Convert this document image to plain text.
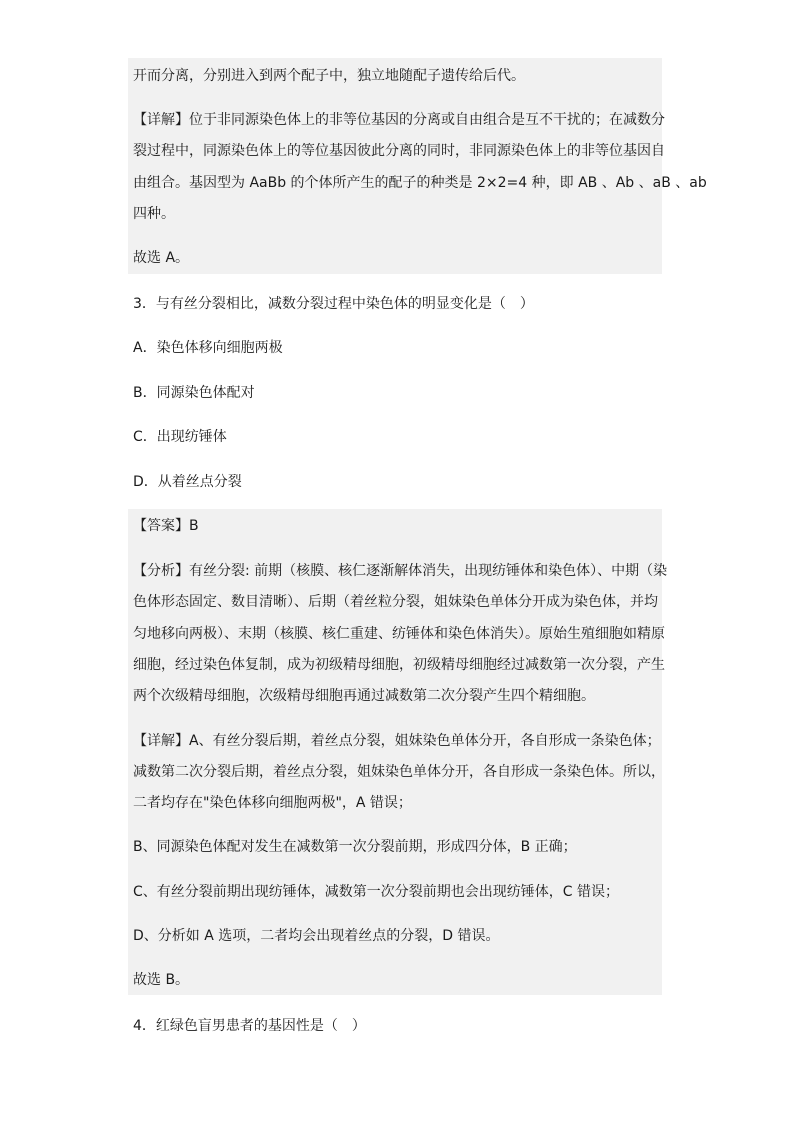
开而分离，分别进入到两个配子中，独立地随配子遗传给后代。
【详解】位于非同源染色体上的非等位基因的分离或自由组合是互不干扰的；在减数分
裂过程中，同源染色体上的等位基因彼此分离的同时，非同源染色体上的非等位基因自
由组合。基因型为 AaBb 的个体所产生的配子的种类是 2×2=4 种，即 AB 、Ab 、aB 、ab
四种。
故选 A。
3．与有丝分裂相比，减数分裂过程中染色体的明显变化是（　）
A．染色体移向细胞两极
B．同源染色体配对
C．出现纺锤体
D．从着丝点分裂
【答案】B
【分析】有丝分裂: 前期（核膜、核仁逐渐解体消失，出现纺锤体和染色体）、中期（染
色体形态固定、数目清晰）、后期（着丝粒分裂，姐妹染色单体分开成为染色体，并均
匀地移向两极）、末期（核膜、核仁重建、纺锤体和染色体消失）。原始生殖细胞如精原
细胞，经过染色体复制，成为初级精母细胞，初级精母细胞经过减数第一次分裂，产生
两个次级精母细胞，次级精母细胞再通过减数第二次分裂产生四个精细胞。
【详解】A、有丝分裂后期，着丝点分裂，姐妹染色单体分开，各自形成一条染色体；
减数第二次分裂后期，着丝点分裂，姐妹染色单体分开，各自形成一条染色体。所以，
二者均存在"染色体移向细胞两极"，A 错误；
B、同源染色体配对发生在减数第一次分裂前期，形成四分体，B 正确；
C、有丝分裂前期出现纺锤体，减数第一次分裂前期也会出现纺锤体，C 错误；
D、分析如 A 选项，二者均会出现着丝点的分裂，D 错误。
故选 B。
4．红绿色盲男患者的基因性是（　）
